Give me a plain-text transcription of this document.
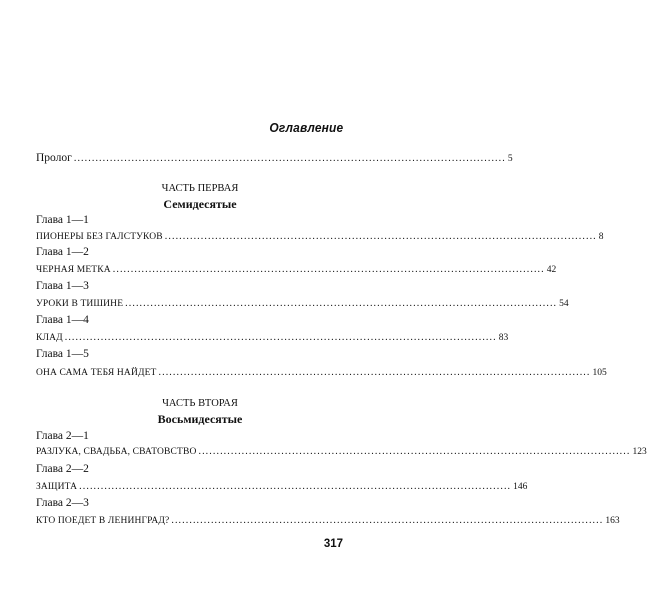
Оглавление
Пролог ........................................................................................................................ 5
ЧАСТЬ ПЕРВАЯ
Семидесятые
Глава 1—1
ПИОНЕРЫ БЕЗ ГАЛСТУКОВ ........................................................................................................................ 8
Глава 1—2
ЧЕРНАЯ МЕТКА ........................................................................................................................ 42
Глава 1—3
УРОКИ В ТИШИНЕ ........................................................................................................................ 54
Глава 1—4
КЛАД ........................................................................................................................ 83
Глава 1—5
ОНА САМА ТЕБЯ НАЙДЕТ ........................................................................................................................ 105
ЧАСТЬ ВТОРАЯ
Восьмидесятые
Глава 2—1
РАЗЛУКА, СВАДЬБА, СВАТОВСТВО ........................................................................................................................ 123
Глава 2—2
ЗАЩИТА ........................................................................................................................ 146
Глава 2—3
КТО ПОЕДЕТ В ЛЕНИНГРАД? ........................................................................................................................ 163
317
